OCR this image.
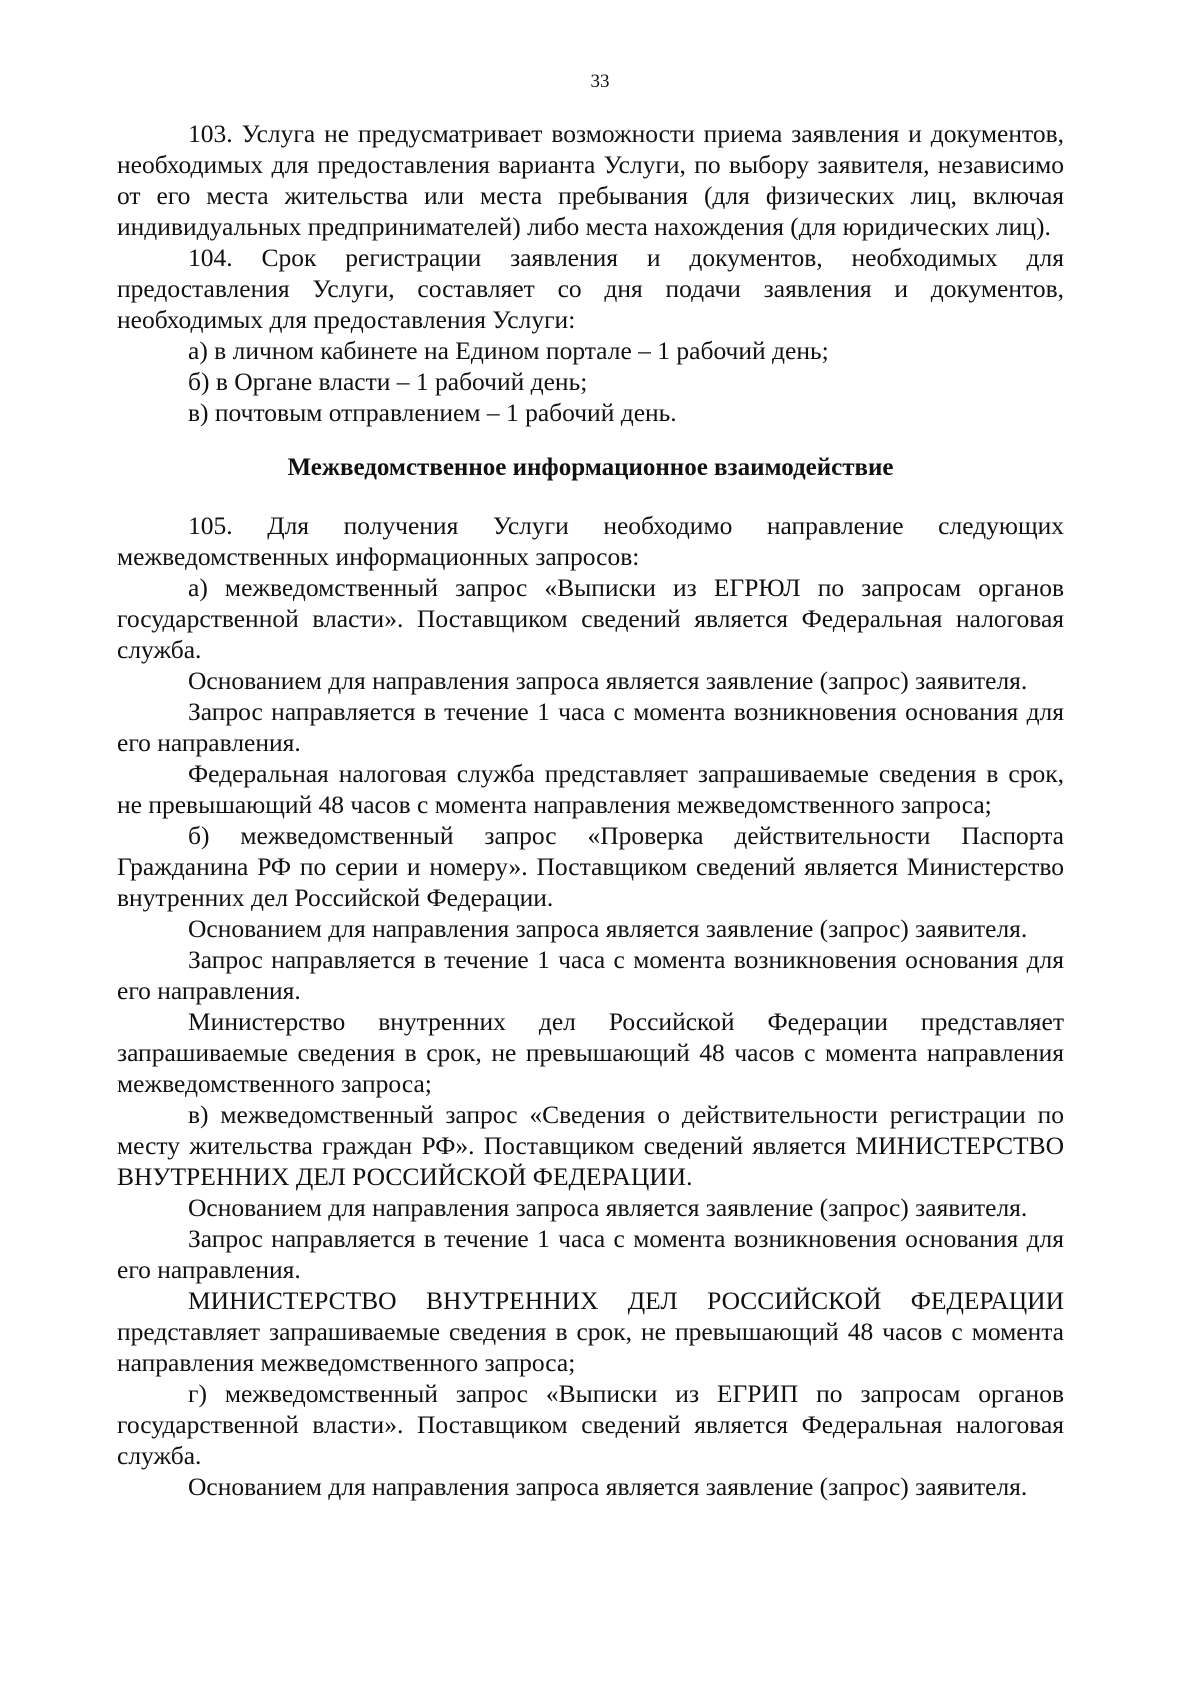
33

103. Услуга не предусматривает возможности приема заявления и документов, необходимых для предоставления варианта Услуги, по выбору заявителя, независимо от его места жительства или места пребывания (для физических лиц, включая индивидуальных предпринимателей) либо места нахождения (для юридических лиц).

104. Срок регистрации заявления и документов, необходимых для предоставления Услуги, составляет со дня подачи заявления и документов, необходимых для предоставления Услуги:

а) в личном кабинете на Едином портале – 1 рабочий день;

б) в Органе власти – 1 рабочий день;

в) почтовым отправлением – 1 рабочий день.

Межведомственное информационное взаимодействие

105. Для получения Услуги необходимо направление следующих межведомственных информационных запросов:

а) межведомственный запрос «Выписки из ЕГРЮЛ по запросам органов государственной власти». Поставщиком сведений является Федеральная налоговая служба.

Основанием для направления запроса является заявление (запрос) заявителя.

Запрос направляется в течение 1 часа с момента возникновения основания для его направления.

Федеральная налоговая служба представляет запрашиваемые сведения в срок, не превышающий 48 часов с момента направления межведомственного запроса;

б) межведомственный запрос «Проверка действительности Паспорта Гражданина РФ по серии и номеру». Поставщиком сведений является Министерство внутренних дел Российской Федерации.

Основанием для направления запроса является заявление (запрос) заявителя.

Запрос направляется в течение 1 часа с момента возникновения основания для его направления.

Министерство внутренних дел Российской Федерации представляет запрашиваемые сведения в срок, не превышающий 48 часов с момента направления межведомственного запроса;

в) межведомственный запрос «Сведения о действительности регистрации по месту жительства граждан РФ». Поставщиком сведений является МИНИСТЕРСТВО ВНУТРЕННИХ ДЕЛ РОССИЙСКОЙ ФЕДЕРАЦИИ.

Основанием для направления запроса является заявление (запрос) заявителя.

Запрос направляется в течение 1 часа с момента возникновения основания для его направления.

МИНИСТЕРСТВО ВНУТРЕННИХ ДЕЛ РОССИЙСКОЙ ФЕДЕРАЦИИ представляет запрашиваемые сведения в срок, не превышающий 48 часов с момента направления межведомственного запроса;

г) межведомственный запрос «Выписки из ЕГРИП по запросам органов государственной власти». Поставщиком сведений является Федеральная налоговая служба.

Основанием для направления запроса является заявление (запрос) заявителя.
